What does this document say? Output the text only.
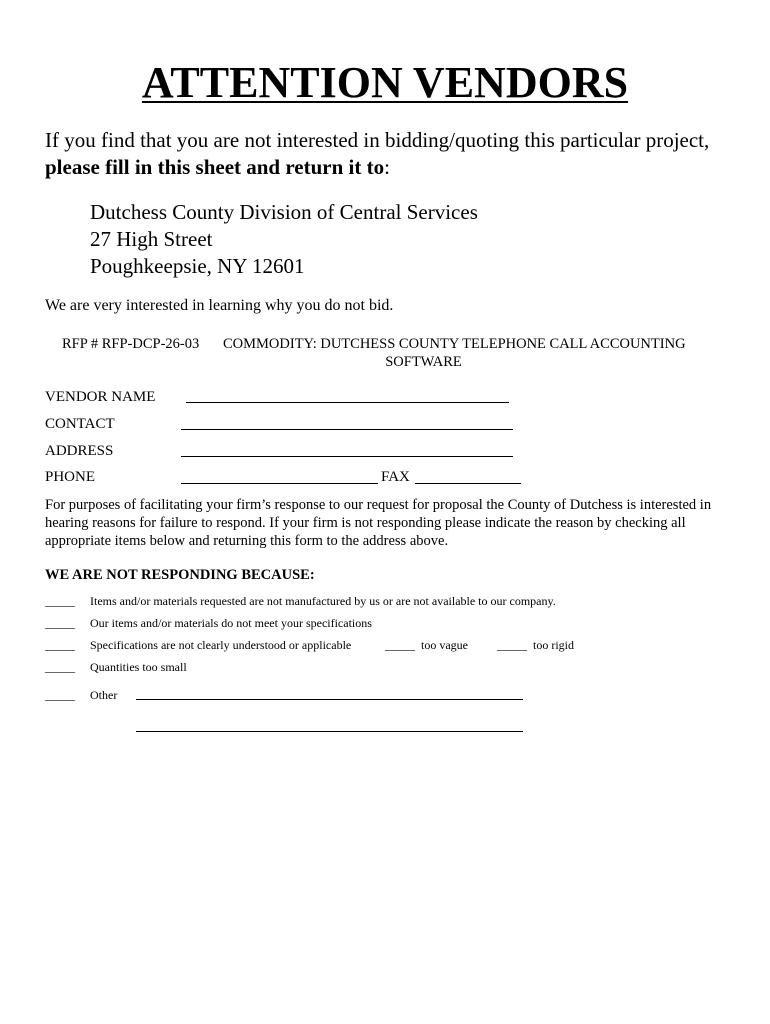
ATTENTION VENDORS
If you find that you are not interested in bidding/quoting this particular project, please fill in this sheet and return it to:
Dutchess County Division of Central Services
27 High Street
Poughkeepsie, NY 12601
We are very interested in learning why you do not bid.
RFP # RFP-DCP-26-03 COMMODITY: DUTCHESS COUNTY TELEPHONE CALL ACCOUNTING
SOFTWARE
VENDOR NAME
CONTACT
ADDRESS
PHONE	FAX
For purposes of facilitating your firm’s response to our request for proposal the County of Dutchess is interested in hearing reasons for failure to respond. If your firm is not responding please indicate the reason by checking all appropriate items below and returning this form to the address above.
WE ARE NOT RESPONDING BECAUSE:
_____ Items and/or materials requested are not manufactured by us or are not available to our company.
_____ Our items and/or materials do not meet your specifications
_____ Specifications are not clearly understood or applicable	_____ too vague _____ too rigid
_____ Quantities too small
_____ Other
